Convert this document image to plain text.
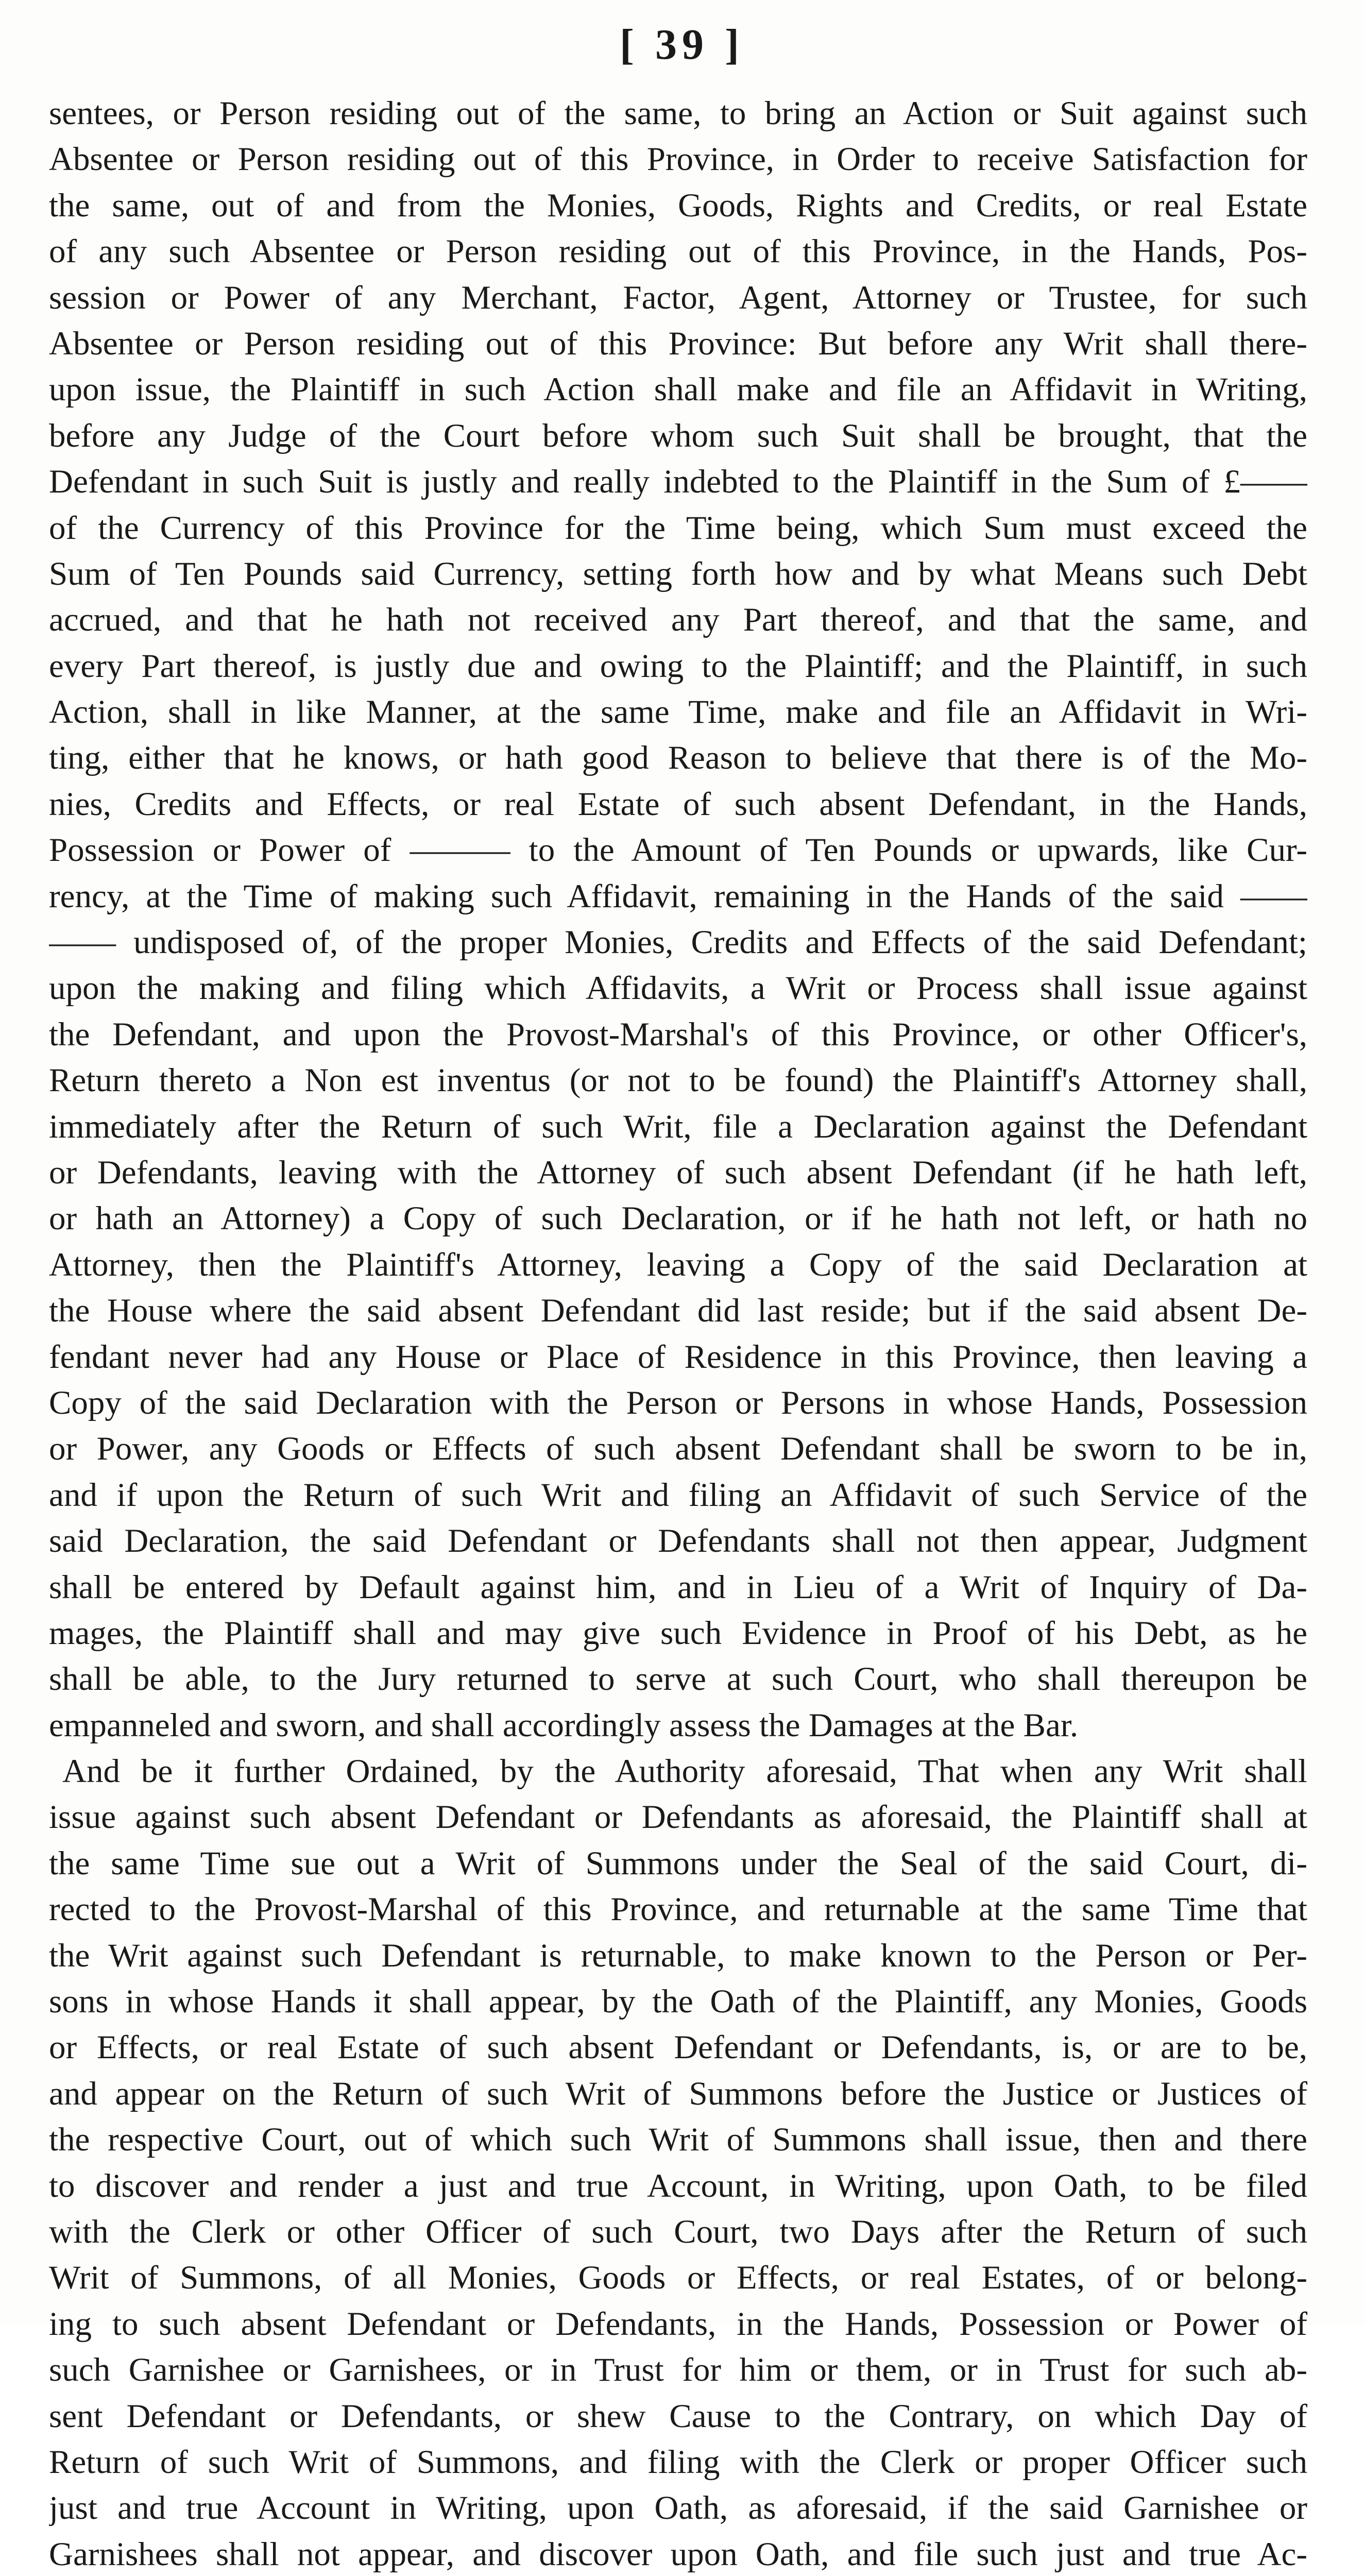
[ 39 ]
sentees, or Person residing out of the same, to bring an Action or Suit against such
Absentee or Person residing out of this Province, in Order to receive Satisfaction for
the same, out of and from the Monies, Goods, Rights and Credits, or real Estate
of any such Absentee or Person residing out of this Province, in the Hands, Pos-
session or Power of any Merchant, Factor, Agent, Attorney or Trustee, for such
Absentee or Person residing out of this Province: But before any Writ shall there-
upon issue, the Plaintiff in such Action shall make and file an Affidavit in Writing,
before any Judge of the Court before whom such Suit shall be brought, that the
Defendant in such Suit is justly and really indebted to the Plaintiff in the Sum of £——
of the Currency of this Province for the Time being, which Sum must exceed the
Sum of Ten Pounds said Currency, setting forth how and by what Means such Debt
accrued, and that he hath not received any Part thereof, and that the same, and
every Part thereof, is justly due and owing to the Plaintiff; and the Plaintiff, in such
Action, shall in like Manner, at the same Time, make and file an Affidavit in Wri-
ting, either that he knows, or hath good Reason to believe that there is of the Mo-
nies, Credits and Effects, or real Estate of such absent Defendant, in the Hands,
Possession or Power of ——— to the Amount of Ten Pounds or upwards, like Cur-
rency, at the Time of making such Affidavit, remaining in the Hands of the said ——
—— undisposed of, of the proper Monies, Credits and Effects of the said Defendant;
upon the making and filing which Affidavits, a Writ or Process shall issue against
the Defendant, and upon the Provost-Marshal's of this Province, or other Officer's,
Return thereto a Non est inventus (or not to be found) the Plaintiff's Attorney shall,
immediately after the Return of such Writ, file a Declaration against the Defendant
or Defendants, leaving with the Attorney of such absent Defendant (if he hath left,
or hath an Attorney) a Copy of such Declaration, or if he hath not left, or hath no
Attorney, then the Plaintiff's Attorney, leaving a Copy of the said Declaration at
the House where the said absent Defendant did last reside; but if the said absent De-
fendant never had any House or Place of Residence in this Province, then leaving a
Copy of the said Declaration with the Person or Persons in whose Hands, Possession
or Power, any Goods or Effects of such absent Defendant shall be sworn to be in,
and if upon the Return of such Writ and filing an Affidavit of such Service of the
said Declaration, the said Defendant or Defendants shall not then appear, Judgment
shall be entered by Default against him, and in Lieu of a Writ of Inquiry of Da-
mages, the Plaintiff shall and may give such Evidence in Proof of his Debt, as he
shall be able, to the Jury returned to serve at such Court, who shall thereupon be
empanneled and sworn, and shall accordingly assess the Damages at the Bar.
And be it further Ordained, by the Authority aforesaid, That when any Writ shall
issue against such absent Defendant or Defendants as aforesaid, the Plaintiff shall at
the same Time sue out a Writ of Summons under the Seal of the said Court, di-
rected to the Provost-Marshal of this Province, and returnable at the same Time that
the Writ against such Defendant is returnable, to make known to the Person or Per-
sons in whose Hands it shall appear, by the Oath of the Plaintiff, any Monies, Goods
or Effects, or real Estate of such absent Defendant or Defendants, is, or are to be,
and appear on the Return of such Writ of Summons before the Justice or Justices of
the respective Court, out of which such Writ of Summons shall issue, then and there
to discover and render a just and true Account, in Writing, upon Oath, to be filed
with the Clerk or other Officer of such Court, two Days after the Return of such
Writ of Summons, of all Monies, Goods or Effects, or real Estates, of or belong-
ing to such absent Defendant or Defendants, in the Hands, Possession or Power of
such Garnishee or Garnishees, or in Trust for him or them, or in Trust for such ab-
sent Defendant or Defendants, or shew Cause to the Contrary, on which Day of
Return of such Writ of Summons, and filing with the Clerk or proper Officer such
just and true Account in Writing, upon Oath, as aforesaid, if the said Garnishee or
Garnishees shall not appear, and discover upon Oath, and file such just and true Ac-
